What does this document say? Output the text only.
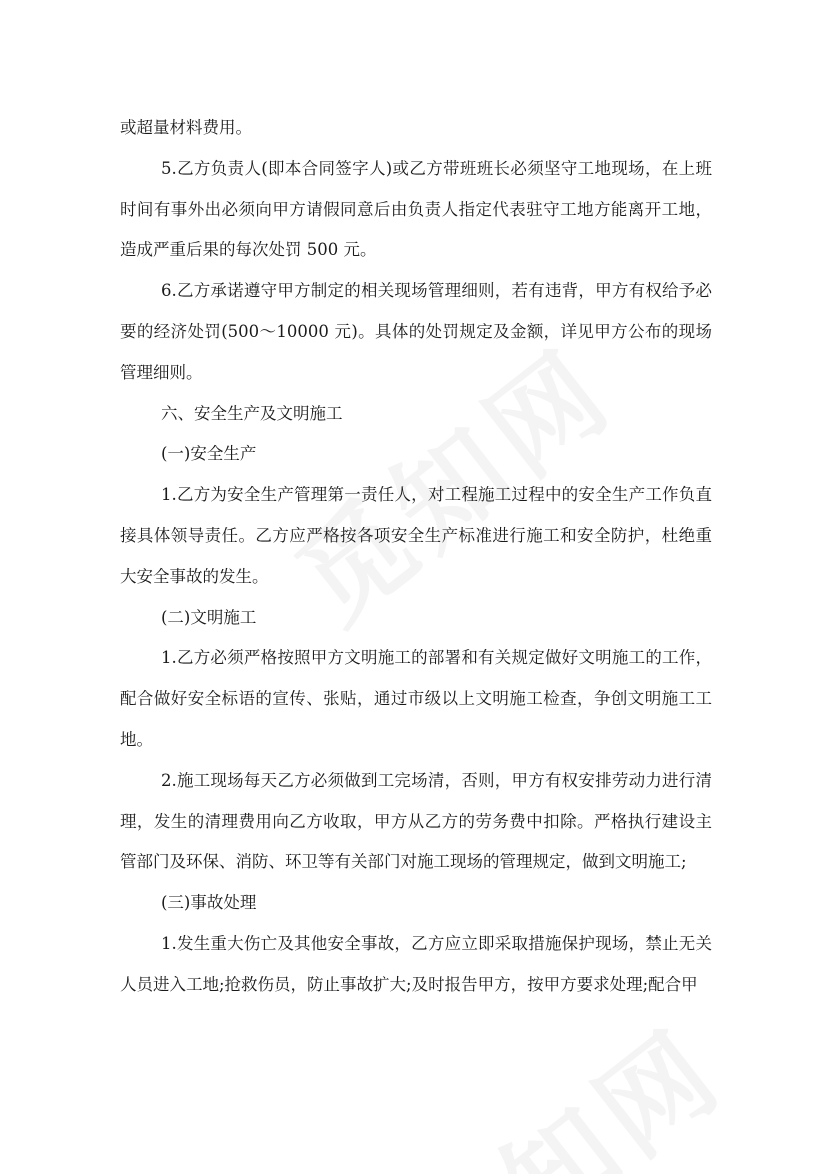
或超量材料费用。

5.乙方负责人(即本合同签字人)或乙方带班班长必须坚守工地现场，在上班时间有事外出必须向甲方请假同意后由负责人指定代表驻守工地方能离开工地，造成严重后果的每次处罚 500 元。

6.乙方承诺遵守甲方制定的相关现场管理细则，若有违背，甲方有权给予必要的经济处罚(500～10000 元)。具体的处罚规定及金额，详见甲方公布的现场管理细则。

六、安全生产及文明施工

(一)安全生产

1.乙方为安全生产管理第一责任人，对工程施工过程中的安全生产工作负直接具体领导责任。乙方应严格按各项安全生产标准进行施工和安全防护，杜绝重大安全事故的发生。

(二)文明施工

1.乙方必须严格按照甲方文明施工的部署和有关规定做好文明施工的工作，配合做好安全标语的宣传、张贴，通过市级以上文明施工检查，争创文明施工工地。

2.施工现场每天乙方必须做到工完场清，否则，甲方有权安排劳动力进行清理，发生的清理费用向乙方收取，甲方从乙方的劳务费中扣除。严格执行建设主管部门及环保、消防、环卫等有关部门对施工现场的管理规定，做到文明施工;

(三)事故处理

1.发生重大伤亡及其他安全事故，乙方应立即采取措施保护现场，禁止无关人员进入工地;抢救伤员，防止事故扩大;及时报告甲方，按甲方要求处理;配合甲
